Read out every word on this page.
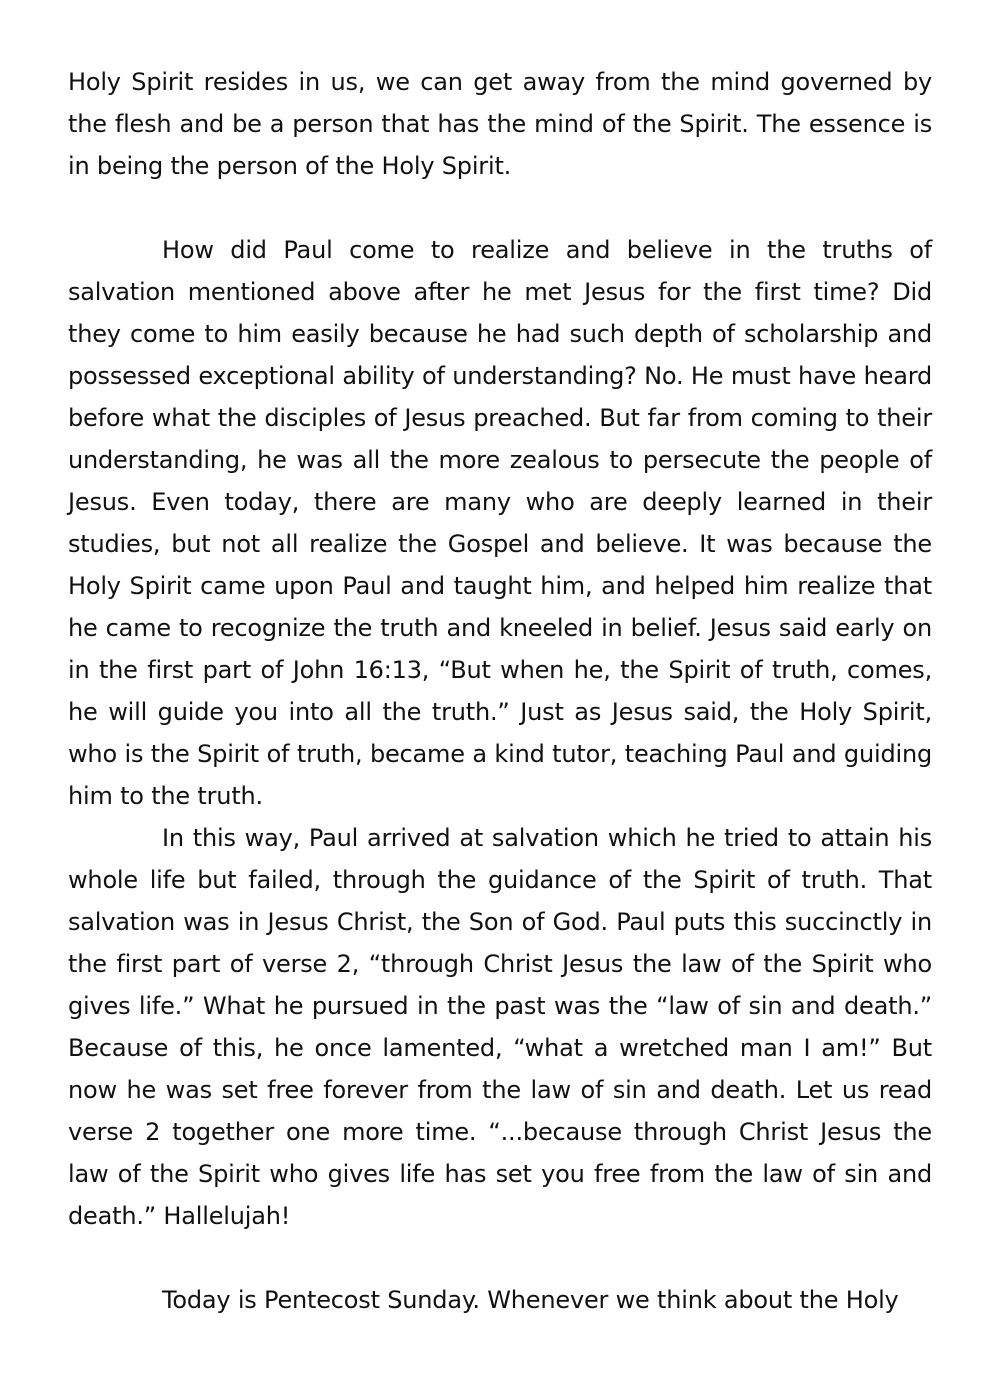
Holy Spirit resides in us, we can get away from the mind governed by the flesh and be a person that has the mind of the Spirit. The essence is in being the person of the Holy Spirit.

How did Paul come to realize and believe in the truths of salvation mentioned above after he met Jesus for the first time? Did they come to him easily because he had such depth of scholarship and possessed exceptional ability of understanding? No. He must have heard before what the disciples of Jesus preached. But far from coming to their understanding, he was all the more zealous to persecute the people of Jesus. Even today, there are many who are deeply learned in their studies, but not all realize the Gospel and believe. It was because the Holy Spirit came upon Paul and taught him, and helped him realize that he came to recognize the truth and kneeled in belief. Jesus said early on in the first part of John 16:13, “But when he, the Spirit of truth, comes, he will guide you into all the truth.” Just as Jesus said, the Holy Spirit, who is the Spirit of truth, became a kind tutor, teaching Paul and guiding him to the truth.

In this way, Paul arrived at salvation which he tried to attain his whole life but failed, through the guidance of the Spirit of truth. That salvation was in Jesus Christ, the Son of God. Paul puts this succinctly in the first part of verse 2, “through Christ Jesus the law of the Spirit who gives life.” What he pursued in the past was the “law of sin and death.” Because of this, he once lamented, “what a wretched man I am!” But now he was set free forever from the law of sin and death. Let us read verse 2 together one more time. “...because through Christ Jesus the law of the Spirit who gives life has set you free from the law of sin and death.” Hallelujah!

Today is Pentecost Sunday. Whenever we think about the Holy
